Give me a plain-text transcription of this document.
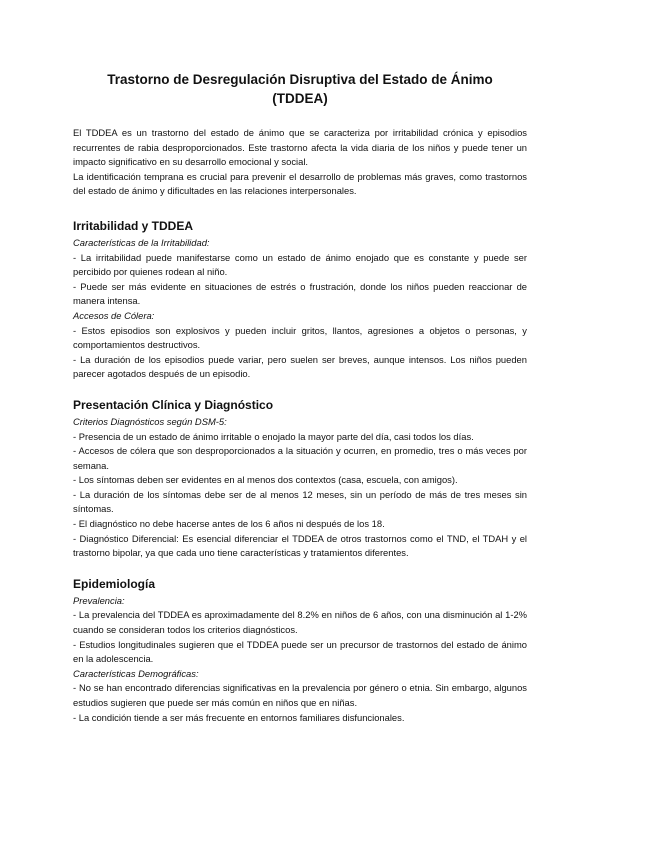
Trastorno de Desregulación Disruptiva del Estado de Ánimo
(TDDEA)

El TDDEA es un trastorno del estado de ánimo que se caracteriza por irritabilidad crónica y episodios recurrentes de rabia desproporcionados. Este trastorno afecta la vida diaria de los niños y puede tener un impacto significativo en su desarrollo emocional y social.

La identificación temprana es crucial para prevenir el desarrollo de problemas más graves, como trastornos del estado de ánimo y dificultades en las relaciones interpersonales.

Irritabilidad y TDDEA

Características de la Irritabilidad:

- La irritabilidad puede manifestarse como un estado de ánimo enojado que es constante y puede ser percibido por quienes rodean al niño.

- Puede ser más evidente en situaciones de estrés o frustración, donde los niños pueden reaccionar de manera intensa.

Accesos de Cólera:

- Estos episodios son explosivos y pueden incluir gritos, llantos, agresiones a objetos o personas, y comportamientos destructivos.

- La duración de los episodios puede variar, pero suelen ser breves, aunque intensos. Los niños pueden parecer agotados después de un episodio.

Presentación Clínica y Diagnóstico

Criterios Diagnósticos según DSM-5:

- Presencia de un estado de ánimo irritable o enojado la mayor parte del día, casi todos los días.

- Accesos de cólera que son desproporcionados a la situación y ocurren, en promedio, tres o más veces por semana.

- Los síntomas deben ser evidentes en al menos dos contextos (casa, escuela, con amigos).

- La duración de los síntomas debe ser de al menos 12 meses, sin un período de más de tres meses sin síntomas.

- El diagnóstico no debe hacerse antes de los 6 años ni después de los 18.

- Diagnóstico Diferencial: Es esencial diferenciar el TDDEA de otros trastornos como el TND, el TDAH y el trastorno bipolar, ya que cada uno tiene características y tratamientos diferentes.

Epidemiología

Prevalencia:

- La prevalencia del TDDEA es aproximadamente del 8.2% en niños de 6 años, con una disminución al 1-2% cuando se consideran todos los criterios diagnósticos.

- Estudios longitudinales sugieren que el TDDEA puede ser un precursor de trastornos del estado de ánimo en la adolescencia.

Características Demográficas:

- No se han encontrado diferencias significativas en la prevalencia por género o etnia. Sin embargo, algunos estudios sugieren que puede ser más común en niños que en niñas.

- La condición tiende a ser más frecuente en entornos familiares disfuncionales.
